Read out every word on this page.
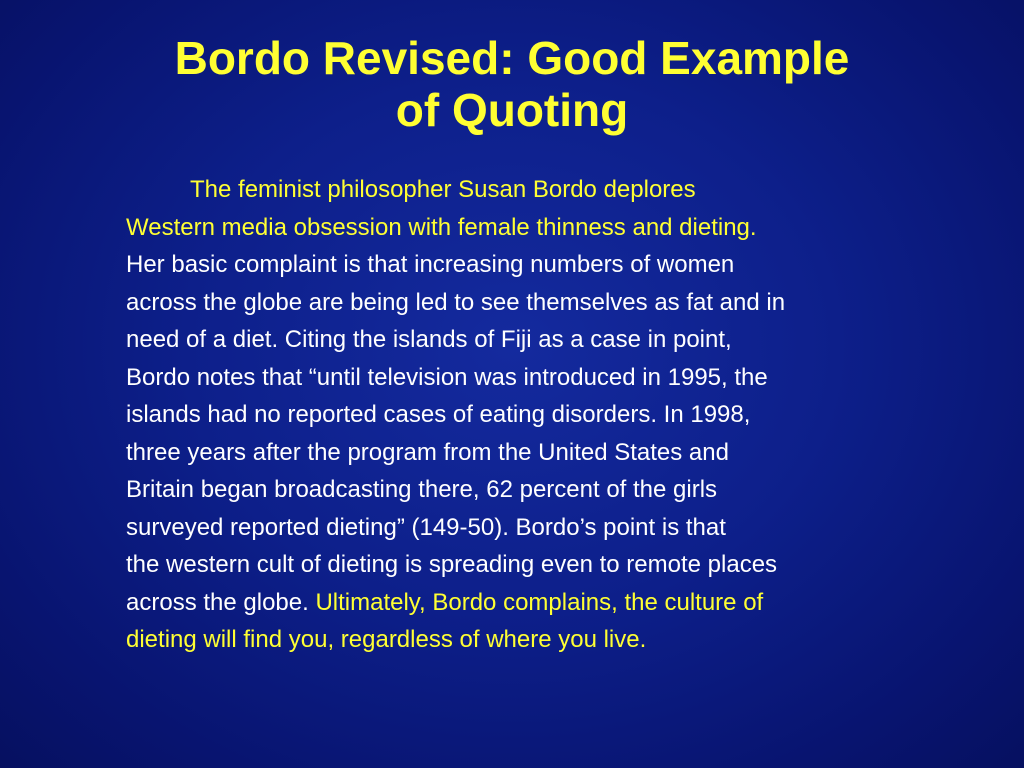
Bordo Revised: Good Example
of Quoting
The feminist philosopher Susan Bordo deplores
Western media obsession with female thinness and dieting.
Her basic complaint is that increasing numbers of women
across the globe are being led to see themselves as fat and in
need of a diet. Citing the islands of Fiji as a case in point,
Bordo notes that “until television was introduced in 1995, the
islands had no reported cases of eating disorders. In 1998,
three years after the program from the United States and
Britain began broadcasting there, 62 percent of the girls
surveyed reported dieting” (149-50). Bordo’s point is that
the western cult of dieting is spreading even to remote places
across the globe. Ultimately, Bordo complains, the culture of
dieting will find you, regardless of where you live.
